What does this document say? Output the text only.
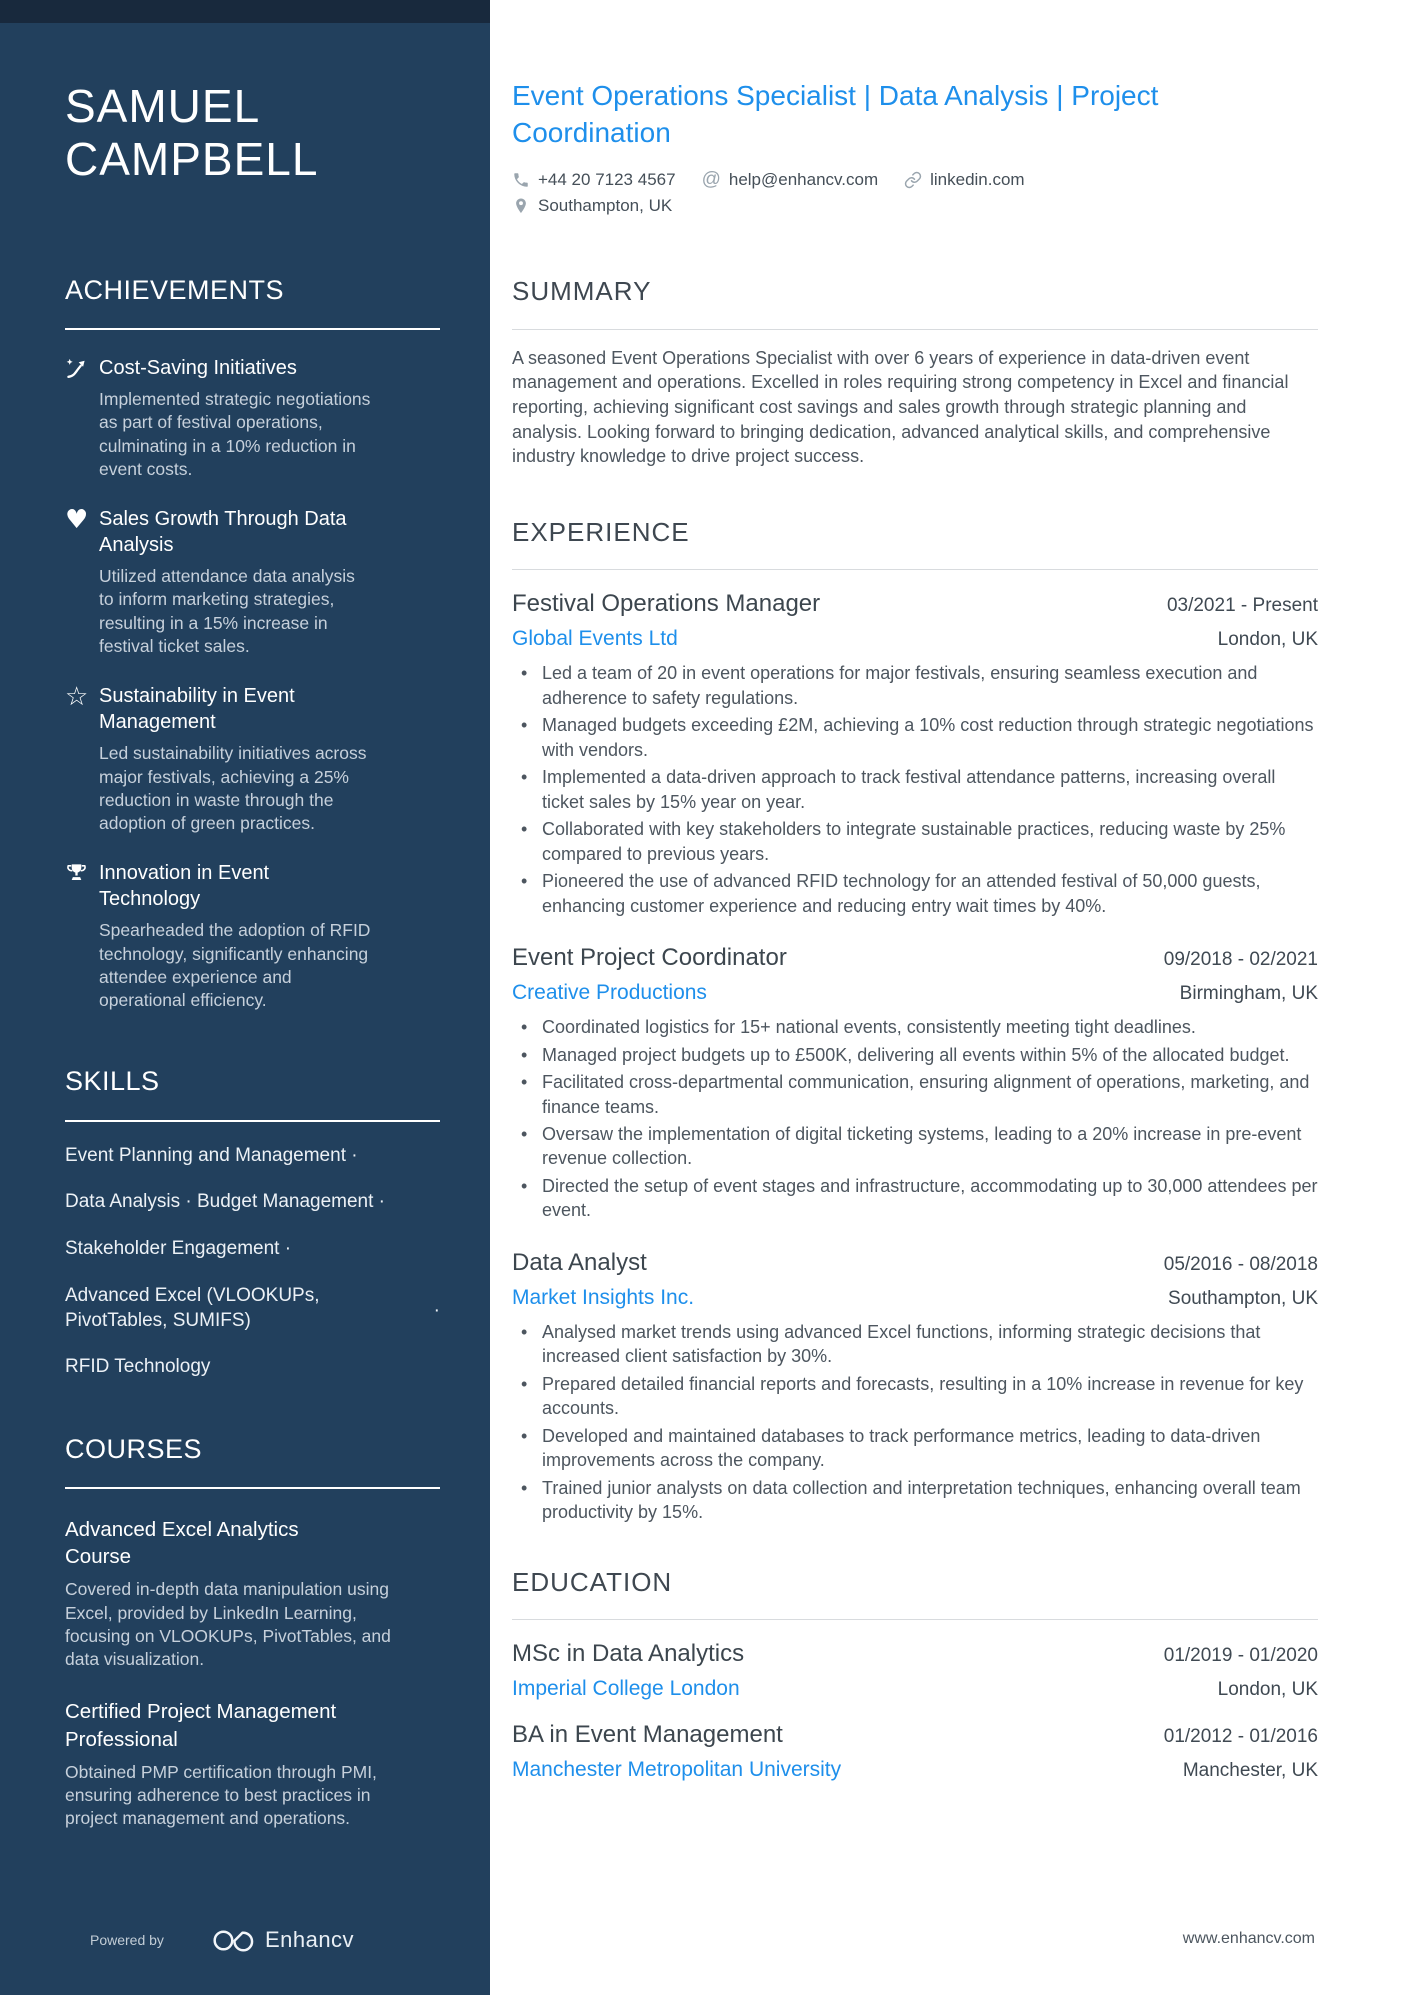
SAMUEL
CAMPBELL
ACHIEVEMENTS
Cost-Saving Initiatives
Implemented strategic negotiations as part of festival operations, culminating in a 10% reduction in event costs.
♥ Sales Growth Through Data Analysis
Utilized attendance data analysis to inform marketing strategies, resulting in a 15% increase in festival ticket sales.
☆ Sustainability in Event Management
Led sustainability initiatives across major festivals, achieving a 25% reduction in waste through the adoption of green practices.
Innovation in Event Technology
Spearheaded the adoption of RFID technology, significantly enhancing attendee experience and operational efficiency.
SKILLS
Event Planning and Management ·
Data Analysis · Budget Management ·
Stakeholder Engagement ·
Advanced Excel (VLOOKUPs, PivotTables, SUMIFS)	·
RFID Technology
COURSES
Advanced Excel Analytics Course
Covered in-depth data manipulation using Excel, provided by LinkedIn Learning, focusing on VLOOKUPs, PivotTables, and data visualization.
Certified Project Management Professional
Obtained PMP certification through PMI, ensuring adherence to best practices in project management and operations.
Powered by	Enhancv
Event Operations Specialist | Data Analysis | Project Coordination
+44 20 7123 4567 @ help@enhancv.com	linkedin.com
Southampton, UK
SUMMARY

A seasoned Event Operations Specialist with over 6 years of experience in data-driven event management and operations. Excelled in roles requiring strong competency in Excel and financial reporting, achieving significant cost savings and sales growth through strategic planning and analysis. Looking forward to bringing dedication, advanced analytical skills, and comprehensive industry knowledge to drive project success.

EXPERIENCE
Festival Operations Manager	03/2021 - Present
Global Events Ltd	London, UK
• Led a team of 20 in event operations for major festivals, ensuring seamless execution and adherence to safety regulations.
• Managed budgets exceeding £2M, achieving a 10% cost reduction through strategic negotiations with vendors.
• Implemented a data-driven approach to track festival attendance patterns, increasing overall ticket sales by 15% year on year.
• Collaborated with key stakeholders to integrate sustainable practices, reducing waste by 25% compared to previous years.
• Pioneered the use of advanced RFID technology for an attended festival of 50,000 guests, enhancing customer experience and reducing entry wait times by 40%.
Event Project Coordinator	09/2018 - 02/2021
Creative Productions	Birmingham, UK
• Coordinated logistics for 15+ national events, consistently meeting tight deadlines.
• Managed project budgets up to £500K, delivering all events within 5% of the allocated budget.
• Facilitated cross-departmental communication, ensuring alignment of operations, marketing, and finance teams.
• Oversaw the implementation of digital ticketing systems, leading to a 20% increase in pre-event revenue collection.
• Directed the setup of event stages and infrastructure, accommodating up to 30,000 attendees per event.
Data Analyst	05/2016 - 08/2018
Market Insights Inc.	Southampton, UK
• Analysed market trends using advanced Excel functions, informing strategic decisions that increased client satisfaction by 30%.
• Prepared detailed financial reports and forecasts, resulting in a 10% increase in revenue for key accounts.
• Developed and maintained databases to track performance metrics, leading to data-driven improvements across the company.
• Trained junior analysts on data collection and interpretation techniques, enhancing overall team productivity by 15%.
EDUCATION
MSc in Data Analytics	01/2019 - 01/2020
Imperial College London	London, UK
BA in Event Management	01/2012 - 01/2016
Manchester Metropolitan University	Manchester, UK
www.enhancv.com
